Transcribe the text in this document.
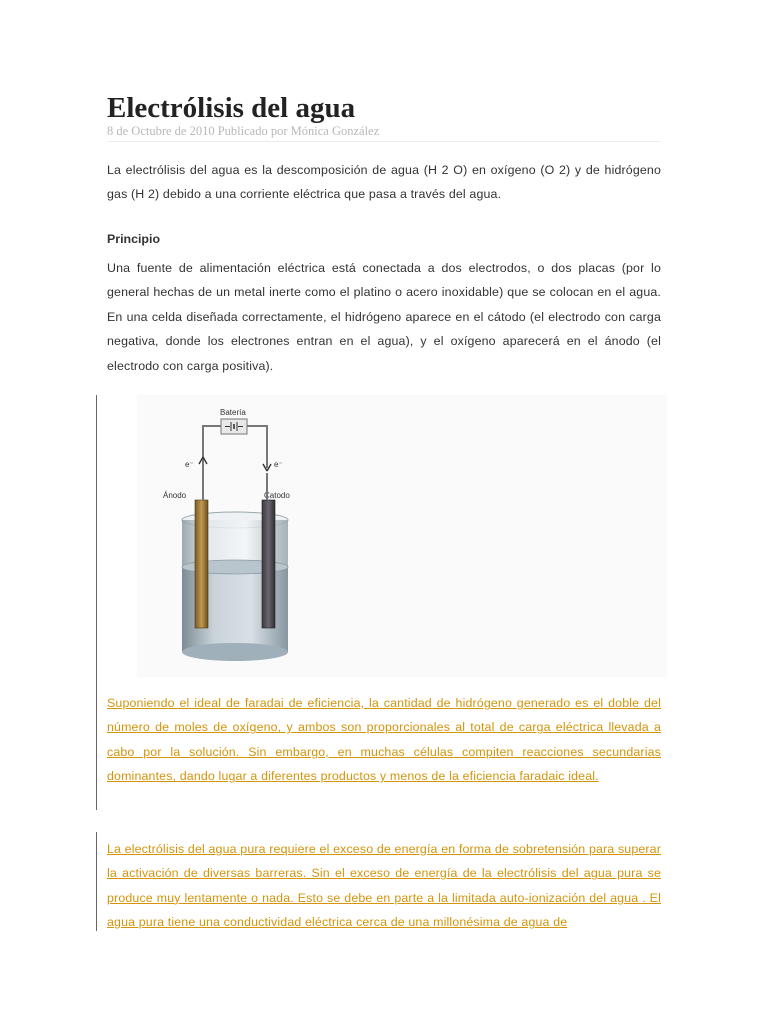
Electrólisis del agua
8 de Octubre de 2010 Publicado por Mónica González

La electrólisis del agua es la descomposición de agua (H 2 O) en oxígeno (O 2) y de hidrógeno gas (H 2) debido a una corriente eléctrica que pasa a través del agua.

Principio

Una fuente de alimentación eléctrica está conectada a dos electrodos, o dos placas (por lo general hechas de un metal inerte como el platino o acero inoxidable) que se colocan en el agua. En una celda diseñada correctamente, el hidrógeno aparece en el cátodo (el electrodo con carga negativa, donde los electrones entran en el agua), y el oxígeno aparecerá en el ánodo (el electrodo con carga positiva).

Batería
e⁻	e⁻
Ánodo	Catodo

Suponiendo el ideal de faradai de eficiencia, la cantidad de hidrógeno generado es el doble del número de moles de oxígeno, y ambos son proporcionales al total de carga eléctrica llevada a cabo por la solución. Sin embargo, en muchas células compiten reacciones secundarias dominantes, dando lugar a diferentes productos y menos de la eficiencia faradaic ideal.

La electrólisis del agua pura requiere el exceso de energía en forma de sobretensión para superar la activación de diversas barreras. Sin el exceso de energía de la electrólisis del agua pura se produce muy lentamente o nada. Esto se debe en parte a la limitada auto-ionización del agua . El agua pura tiene una conductividad eléctrica cerca de una millonésima de agua de
